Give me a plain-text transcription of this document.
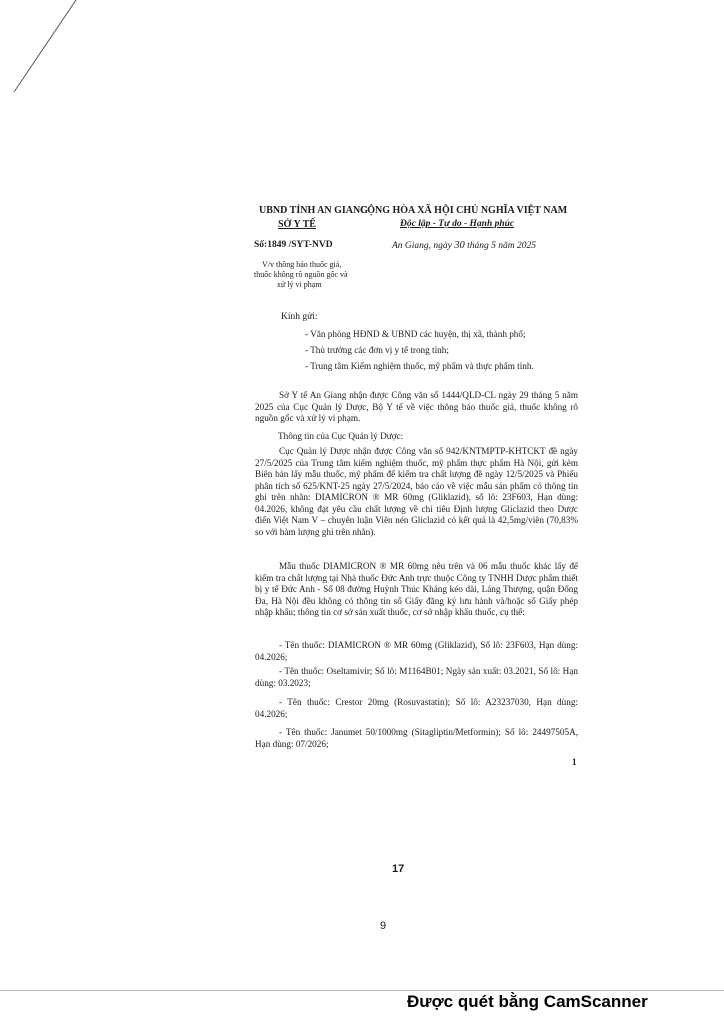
UBND TỈNH AN GIANG
SỞ Y TẾ
CỘNG HÒA XÃ HỘI CHỦ NGHĨA VIỆT NAM
Độc lập - Tự do - Hạnh phúc
Số:1849 /SYT-NVD	An Giang, ngày 30 tháng 5 năm 2025
V/v thông báo thuốc giả,
thuốc không rõ nguồn gốc và
xử lý vi phạm
Kính gửi:
- Văn phòng HĐND & UBND các huyện, thị xã, thành phố;
- Thủ trưởng các đơn vị y tế trong tỉnh;
- Trung tâm Kiểm nghiệm thuốc, mỹ phẩm và thực phẩm tỉnh.
Sở Y tế An Giang nhận được Công văn số 1444/QLD-CL ngày 29 tháng 5 năm 2025 của Cục Quản lý Dược, Bộ Y tế về việc thông báo thuốc giả, thuốc không rõ nguồn gốc và xử lý vi phạm.
Thông tin của Cục Quản lý Dược:
Cục Quản lý Dược nhận được Công văn số 942/KNTMPTP-KHTCKT đề ngày 27/5/2025 của Trung tâm kiểm nghiệm thuốc, mỹ phẩm thực phẩm Hà Nội, gửi kèm Biên bản lấy mẫu thuốc, mỹ phẩm để kiểm tra chất lượng đề ngày 12/5/2025 và Phiếu phân tích số 625/KNT-25 ngày 27/5/2024, báo cáo về việc mẫu sản phẩm có thông tin ghi trên nhãn: DIAMICRON ® MR 60mg (Gliklazid), số lô: 23F603, Hạn dùng: 04.2026, không đạt yêu cầu chất lượng về chỉ tiêu Định lượng Gliclazid theo Dược điển Việt Nam V – chuyên luận Viên nén Gliclazid có kết quả là 42,5mg/viên (70,83% so với hàm lượng ghi trên nhãn).
Mẫu thuốc DIAMICRON ® MR 60mg nêu trên và 06 mẫu thuốc khác lấy để kiểm tra chất lượng tại Nhà thuốc Đức Anh trực thuộc Công ty TNHH Dược phẩm thiết bị y tế Đức Anh - Số 08 đường Huỳnh Thúc Kháng kéo dài, Láng Thượng, quận Đống Đa, Hà Nội đều không có thông tin số Giấy đăng ký lưu hành và/hoặc số Giấy phép nhập khẩu; thông tin cơ sở sản xuất thuốc, cơ sở nhập khẩu thuốc, cụ thể:
- Tên thuốc: DIAMICRON ® MR 60mg (Gliklazid), Số lô: 23F603, Hạn dùng: 04.2026;
- Tên thuốc: Oseltamivir; Số lô: M1164B01; Ngày sản xuất: 03.2021, Số lô: Hạn dùng: 03.2023;
- Tên thuốc: Crestor 20mg (Rosuvastatin); Số lô: A23237030, Hạn dùng: 04.2026;
- Tên thuốc: Janumet 50/1000mg (Sitagliptin/Metformin); Số lô: 24497505A, Hạn dùng: 07/2026;
1
17
9
Được quét bằng CamScanner
